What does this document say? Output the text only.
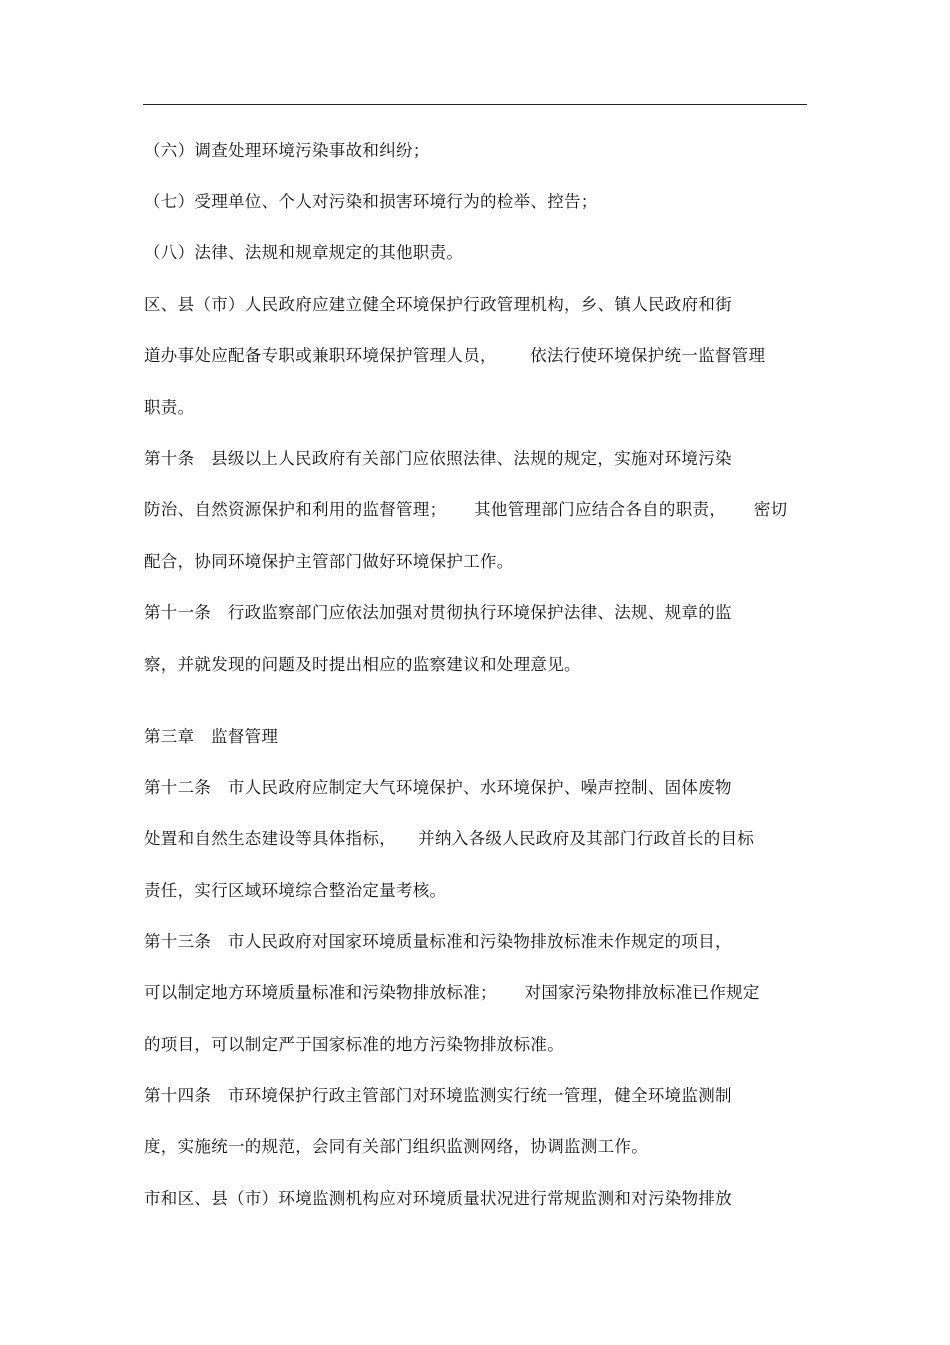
（六）调查处理环境污染事故和纠纷；
（七）受理单位、个人对污染和损害环境行为的检举、控告；
（八）法律、法规和规章规定的其他职责。
区、县（市）人民政府应建立健全环境保护行政管理机构，乡、镇人民政府和街
道办事处应配备专职或兼职环境保护管理人员，      依法行使环境保护统一监督管理
职责。
第十条   县级以上人民政府有关部门应依照法律、法规的规定，实施对环境污染
防治、自然资源保护和利用的监督管理；     其他管理部门应结合各自的职责，     密切
配合，协同环境保护主管部门做好环境保护工作。
第十一条   行政监察部门应依法加强对贯彻执行环境保护法律、法规、规章的监
察，并就发现的问题及时提出相应的监察建议和处理意见。
第三章   监督管理
第十二条   市人民政府应制定大气环境保护、水环境保护、噪声控制、固体废物
处置和自然生态建设等具体指标，    并纳入各级人民政府及其部门行政首长的目标
责任，实行区域环境综合整治定量考核。
第十三条   市人民政府对国家环境质量标准和污染物排放标准未作规定的项目，
可以制定地方环境质量标准和污染物排放标准；     对国家污染物排放标准已作规定
的项目，可以制定严于国家标准的地方污染物排放标准。
第十四条   市环境保护行政主管部门对环境监测实行统一管理，健全环境监测制
度，实施统一的规范，会同有关部门组织监测网络，协调监测工作。
市和区、县（市）环境监测机构应对环境质量状况进行常规监测和对污染物排放
